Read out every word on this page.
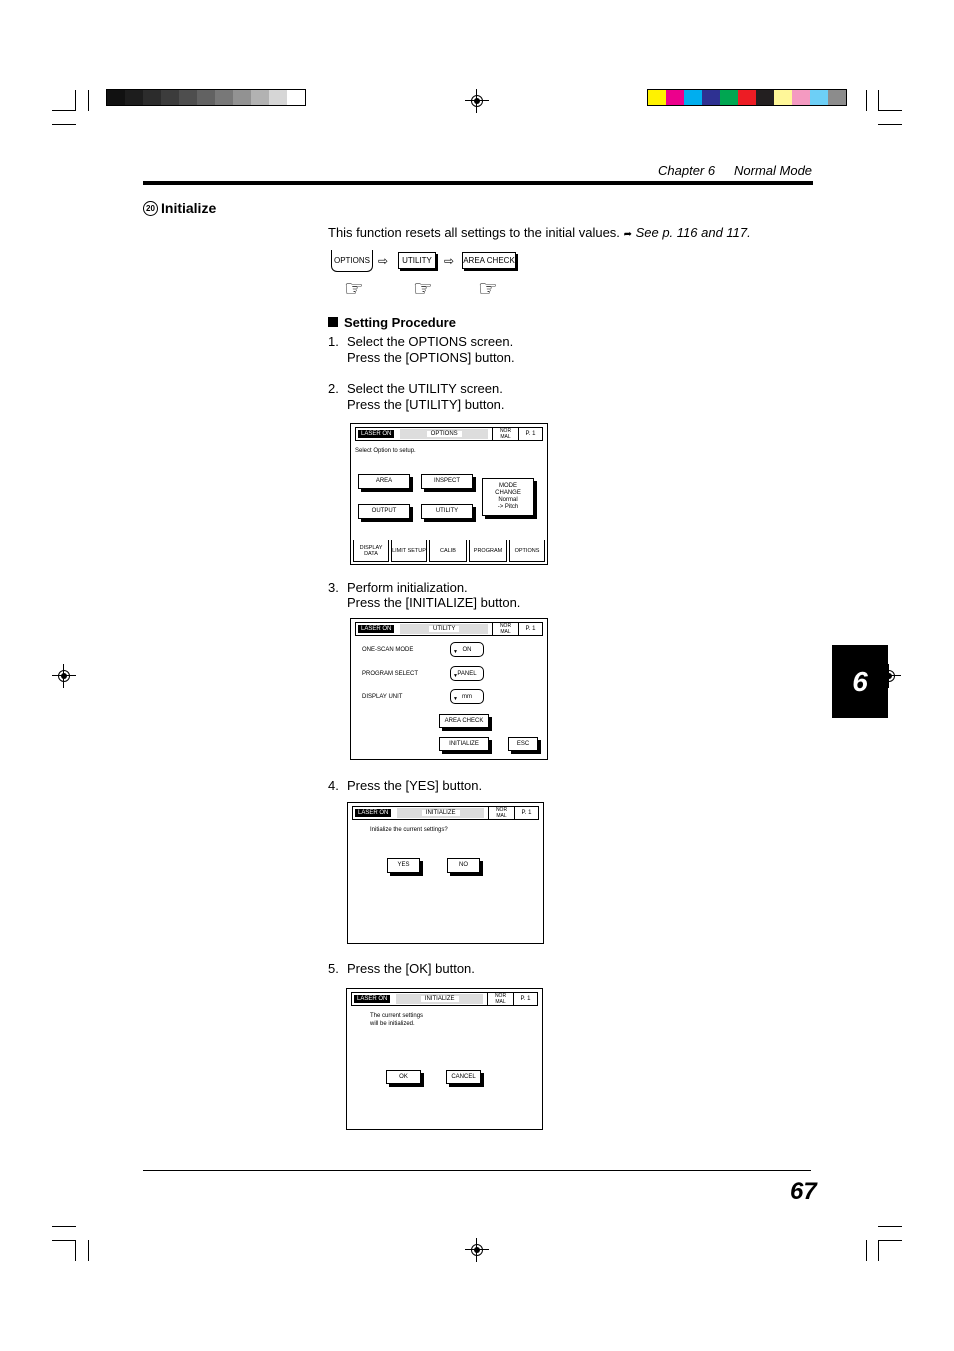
Chapter 6 Normal Mode
20 Initialize
This function resets all settings to the initial values. ➦ See p. 116 and 117.
OPTIONS ⇨	UTILITY	⇨ AREA CHECK
☞ ☞ ☞
Setting Procedure
1. Select the OPTIONS screen.
Press the [OPTIONS] button.
2. Select the UTILITY screen.
Press the [UTILITY] button.
LASER ON	OPTIONS	NOR
MAL	P. 1
Select Option to setup.
AREA	INSPECT
OUTPUT	UTILITY
MODE
CHANGE
Normal
-> Pitch
DISPLAY DATA	LIMIT SETUP	CALIB	PROGRAM	OPTIONS
3. Perform initialization.
Press the [INITIALIZE] button.
LASER ON	UTILITY	NOR
MAL	P. 1
ONE-SCAN MODE	ON
▼
PROGRAM SELECT	PANEL
▼
DISPLAY UNIT	mm
▼
AREA CHECK
INITIALIZE	ESC
4. Press the [YES] button.
LASER ON	INITIALIZE	NOR
MAL	P. 1
Initialize the current settings?
YES	NO
5. Press the [OK] button.
LASER ON	INITIALIZE	NOR
MAL	P. 1
The current settings
will be initialized.
OK	CANCEL
6
67
